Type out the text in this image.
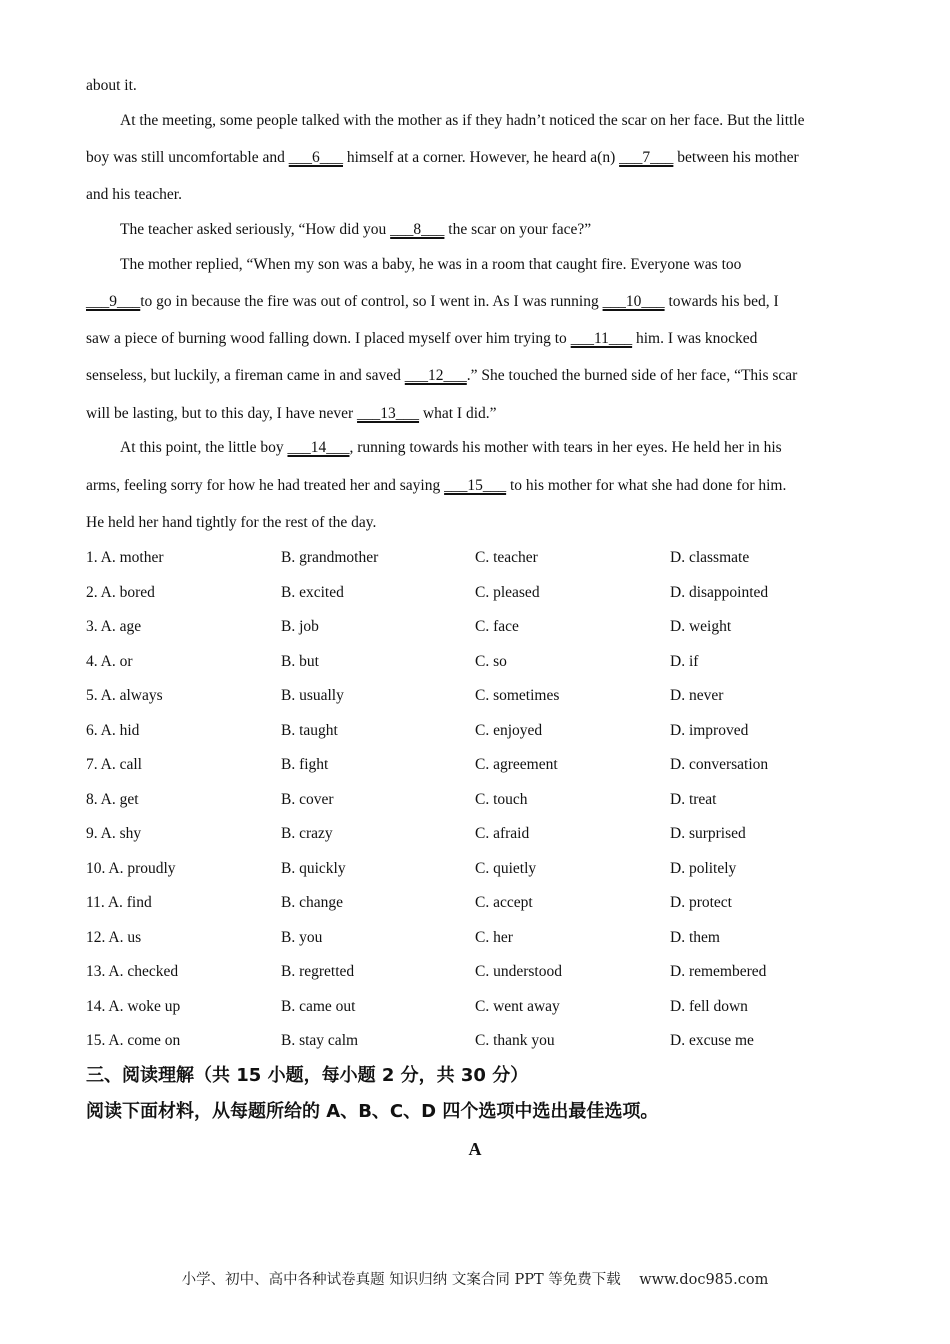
about it.
At the meeting, some people talked with the mother as if they hadn’t noticed the scar on her face. But the little
boy was still uncomfortable and ___6___ himself at a corner. However, he heard a(n) ___7___ between his mother
and his teacher.
The teacher asked seriously, “How did you ___8___ the scar on your face?”
The mother replied, “When my son was a baby, he was in a room that caught fire. Everyone was too
___9___to go in because the fire was out of control, so I went in. As I was running ___10___ towards his bed, I
saw a piece of burning wood falling down. I placed myself over him trying to ___11___ him. I was knocked
senseless, but luckily, a fireman came in and saved ___12___.” She touched the burned side of her face, “This scar
will be lasting, but to this day, I have never ___13___ what I did.”
At this point, the little boy ___14___, running towards his mother with tears in her eyes. He held her in his
arms, feeling sorry for how he had treated her and saying ___15___ to his mother for what she had done for him.
He held her hand tightly for the rest of the day.
1. A. mother	B. grandmother	C. teacher	D. classmate
2. A. bored	B. excited	C. pleased	D. disappointed
3. A. age	B. job	C. face	D. weight
4. A. or	B. but	C. so	D. if
5. A. always	B. usually	C. sometimes	D. never
6. A. hid	B. taught	C. enjoyed	D. improved
7. A. call	B. fight	C. agreement	D. conversation
8. A. get	B. cover	C. touch	D. treat
9. A. shy	B. crazy	C. afraid	D. surprised
10. A. proudly	B. quickly	C. quietly	D. politely
11. A. find	B. change	C. accept	D. protect
12. A. us	B. you	C. her	D. them
13. A. checked	B. regretted	C. understood	D. remembered
14. A. woke up	B. came out	C. went away	D. fell down
15. A. come on	B. stay calm	C. thank you	D. excuse me
三、阅读理解（共 15 小题，每小题 2 分，共 30 分）
阅读下面材料，从每题所给的 A、B、C、D 四个选项中选出最佳选项。
A
小学、初中、高中各种试卷真题 知识归纳 文案合同 PPT 等免费下载 www.doc985.com
